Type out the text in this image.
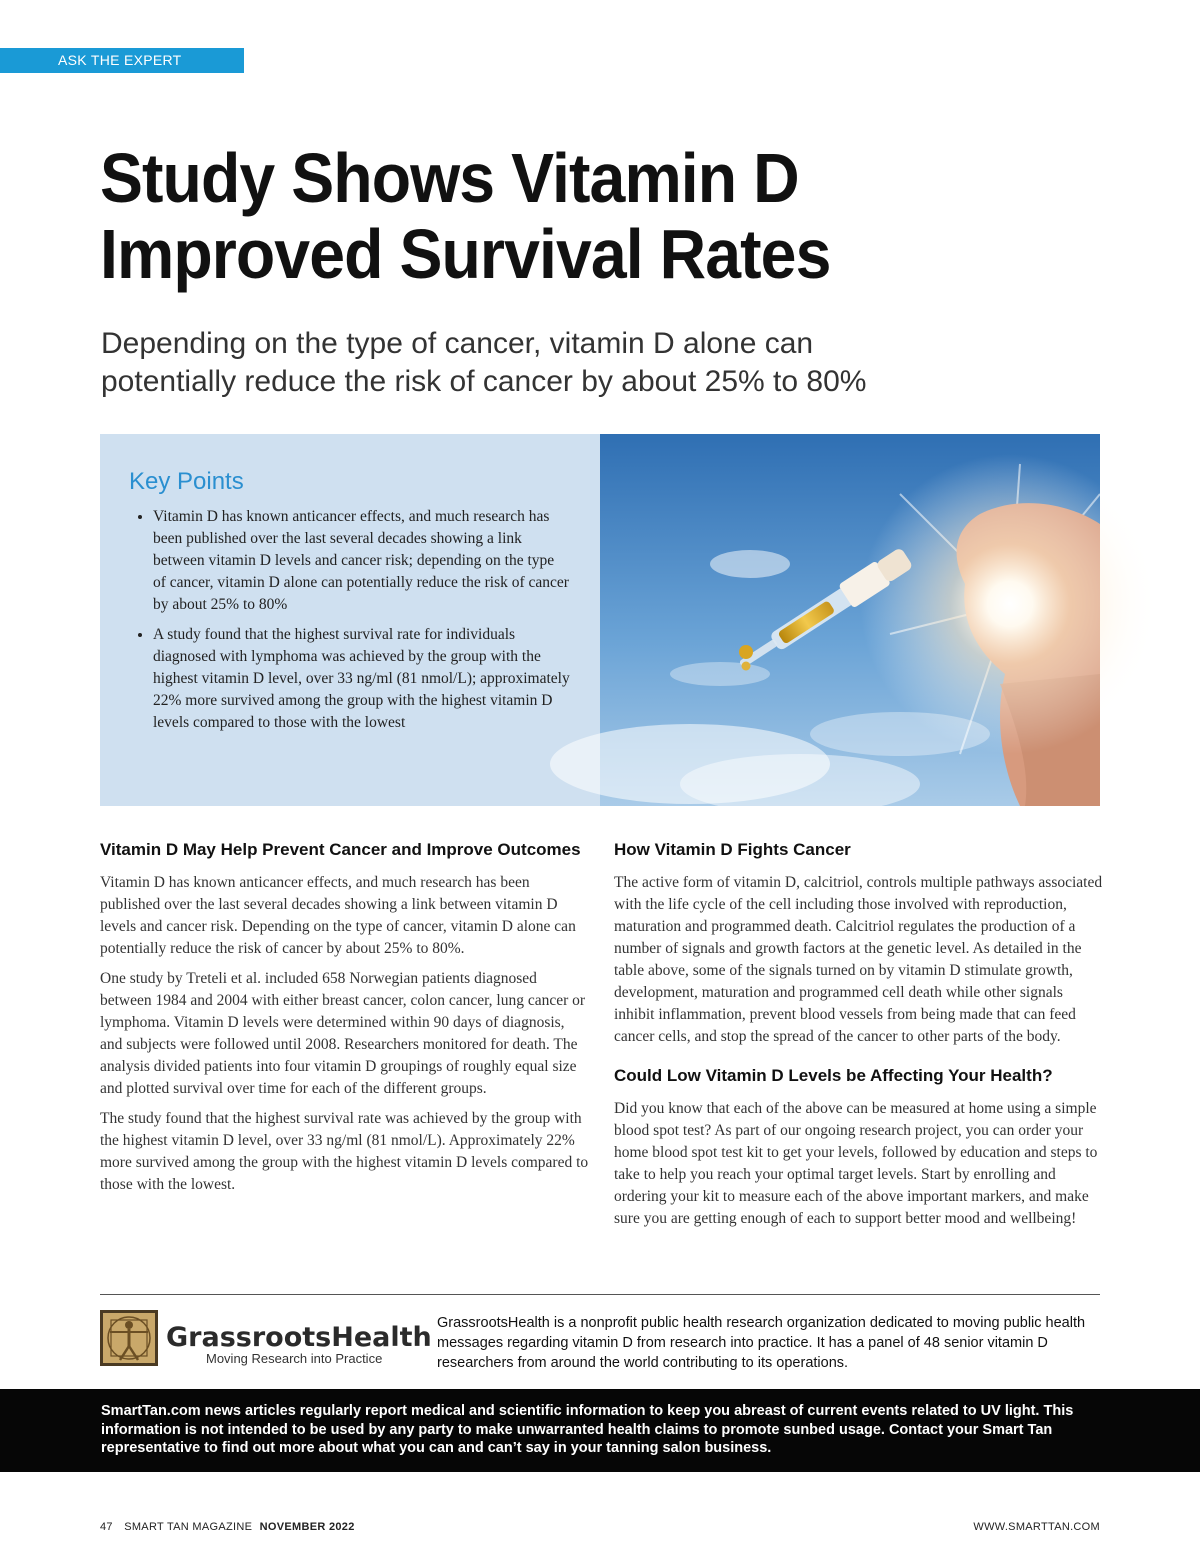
ASK THE EXPERT
Study Shows Vitamin D
Improved Survival Rates
Depending on the type of cancer, vitamin D alone can
potentially reduce the risk of cancer by about 25% to 80%
Key Points
• Vitamin D has known anticancer effects, and much research has been published over the last several decades showing a link between vitamin D levels and cancer risk; depending on the type of cancer, vitamin D alone can potentially reduce the risk of cancer by about 25% to 80%
• A study found that the highest survival rate for individuals diagnosed with lymphoma was achieved by the group with the highest vitamin D level, over 33 ng/ml (81 nmol/L); approximately 22% more survived among the group with the highest vitamin D levels compared to those with the lowest
Vitamin D May Help Prevent Cancer and Improve Outcomes

Vitamin D has known anticancer effects, and much research has been published over the last several decades showing a link between vitamin D levels and cancer risk. Depending on the type of cancer, vitamin D alone can potentially reduce the risk of cancer by about 25% to 80%.

One study by Treteli et al. included 658 Norwegian patients diagnosed between 1984 and 2004 with either breast cancer, colon cancer, lung cancer or lymphoma. Vitamin D levels were determined within 90 days of diagnosis, and subjects were followed until 2008. Researchers monitored for death. The analysis divided patients into four vitamin D groupings of roughly equal size and plotted survival over time for each of the different groups.

The study found that the highest survival rate was achieved by the group with the highest vitamin D level, over 33 ng/ml (81 nmol/L). Approximately 22% more survived among the group with the highest vitamin D levels compared to those with the lowest.

How Vitamin D Fights Cancer

The active form of vitamin D, calcitriol, controls multiple pathways associated with the life cycle of the cell including those involved with reproduction, maturation and programmed death. Calcitriol regulates the production of a number of signals and growth factors at the genetic level. As detailed in the table above, some of the signals turned on by vitamin D stimulate growth, development, maturation and programmed cell death while other signals inhibit inflammation, prevent blood vessels from being made that can feed cancer cells, and stop the spread of the cancer to other parts of the body.

Could Low Vitamin D Levels be Affecting Your Health?

Did you know that each of the above can be measured at home using a simple blood spot test? As part of our ongoing research project, you can order your home blood spot test kit to get your levels, followed by education and steps to take to help you reach your optimal target levels. Start by enrolling and ordering your kit to measure each of the above important markers, and make sure you are getting enough of each to support better mood and wellbeing!

GrassrootsHealth
Moving Research into Practice
GrassrootsHealth is a nonprofit public health research organization dedicated to moving public health messages regarding vitamin D from research into practice. It has a panel of 48 senior vitamin D researchers from around the world contributing to its operations.
SmartTan.com news articles regularly report medical and scientific information to keep you abreast of current events related to UV light. This information is not intended to be used by any party to make unwarranted health claims to promote sunbed usage. Contact your Smart Tan representative to find out more about what you can and can’t say in your tanning salon business.
47 SMART TAN MAGAZINE NOVEMBER 2022	WWW.SMARTTAN.COM
